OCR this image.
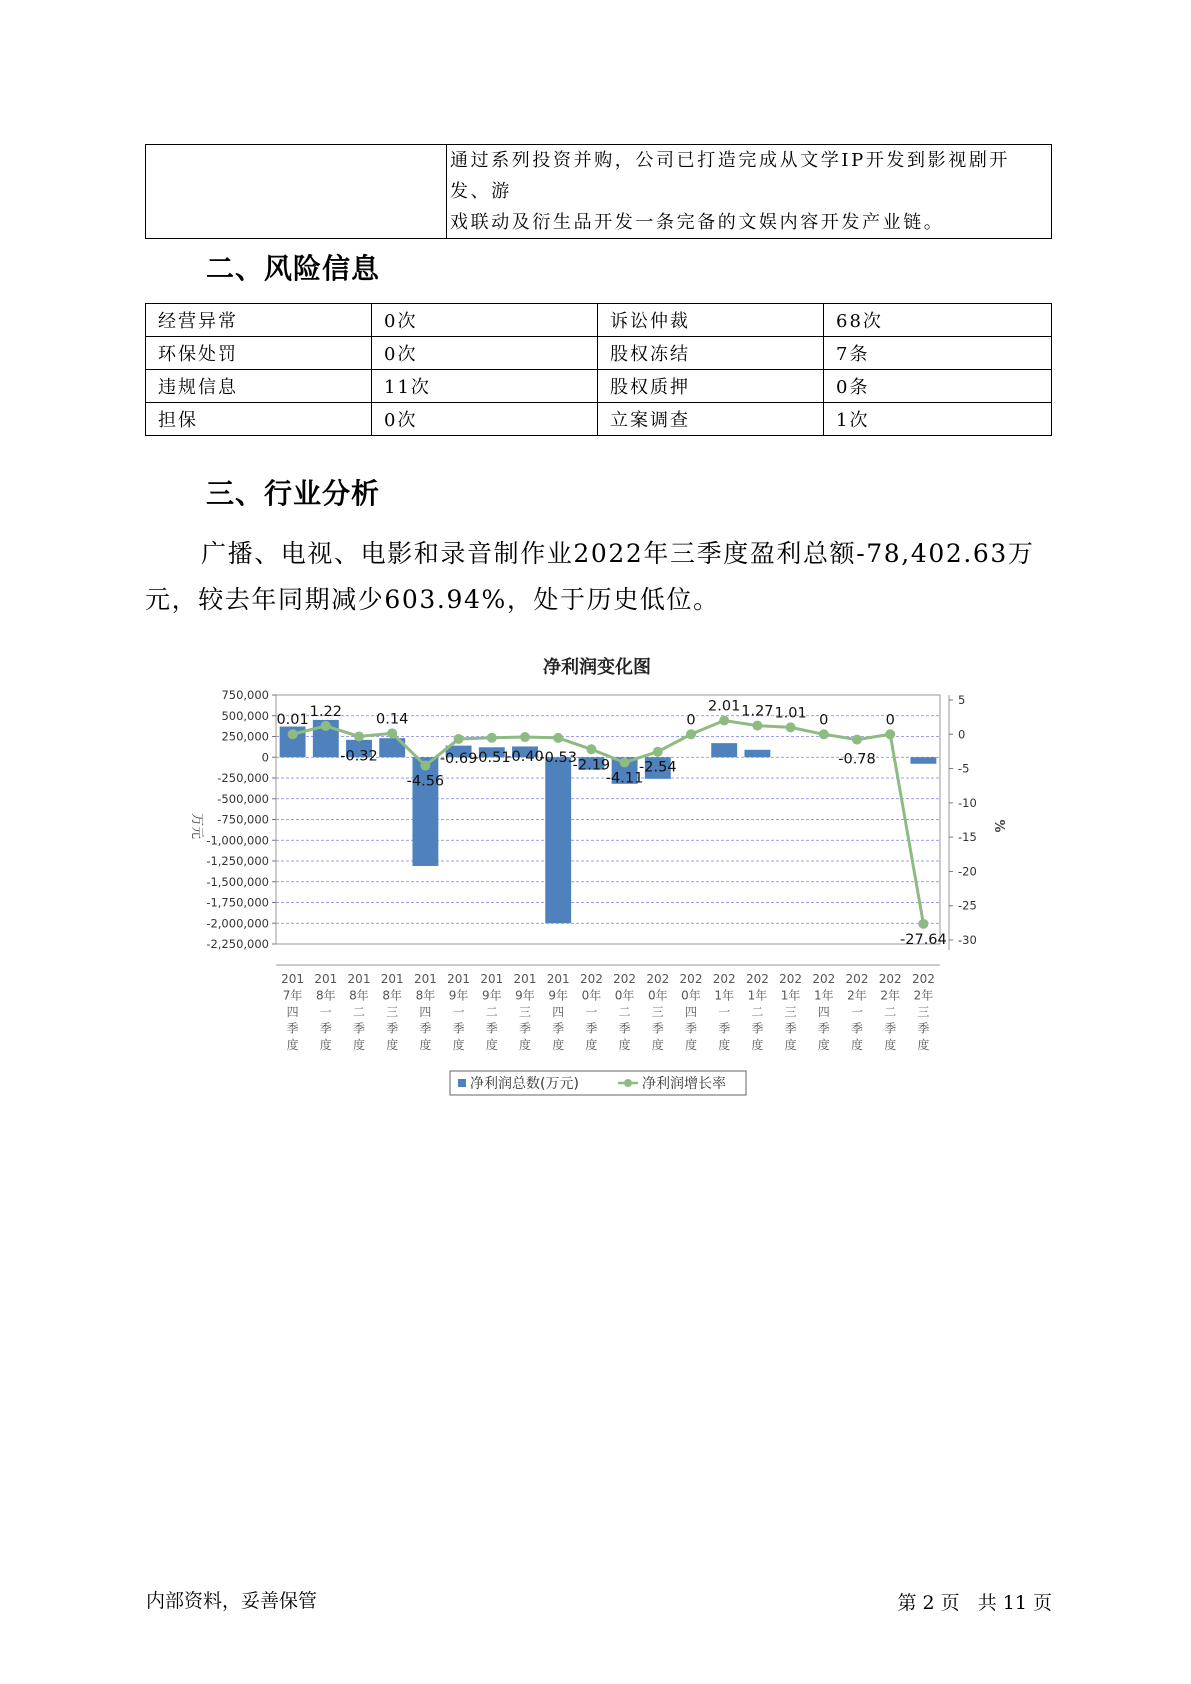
通过系列投资并购，公司已打造完成从文学IP开发到影视剧开发、游
戏联动及衍生品开发一条完备的文娱内容开发产业链。
二、风险信息
经营异常	0次	诉讼仲裁	68次
环保处罚	0次	股权冻结	7条
违规信息	11次	股权质押	0条
担保	0次	立案调查	1次
三、行业分析
广播、电视、电影和录音制作业2022年三季度盈利总额-78,402.63万
元，较去年同期减少603.94%，处于历史低位。
净利润变化图
万元	%
750,000
500,000
250,000
0
-250,000
-500,000
-750,000
-1,000,000
-1,250,000
-1,500,000
-1,750,000
-2,000,000
-2,250,000
5
0
-5
-10
-15
-20
-25
-30
201
7年
四
季
度
201
8年
一
季
度
201
8年
二
季
度
201
8年
三
季
度
201
8年
四
季
度
201
9年
一
季
度
201
9年
二
季
度
201
9年
三
季
度
201
9年
四
季
度
202
0年
一
季
度
202
0年
二
季
度
202
0年
三
季
度
202
0年
四
季
度
202
1年
一
季
度
202
1年
二
季
度
202
1年
三
季
度
202
1年
四
季
度
202
2年
一
季
度
202
2年
二
季
度
202
2年
三
季
度
0.01
1.22
-0.32
0.14
-4.56
-0.69
-0.51
-0.40
-0.53
-2.19
-4.11
-2.54
0
2.01 1.27 1.01 0
-0.78
0
-27.64
净利润总数(万元)	净利润增长率
内部资料，妥善保管	第 2 页   共 11 页
